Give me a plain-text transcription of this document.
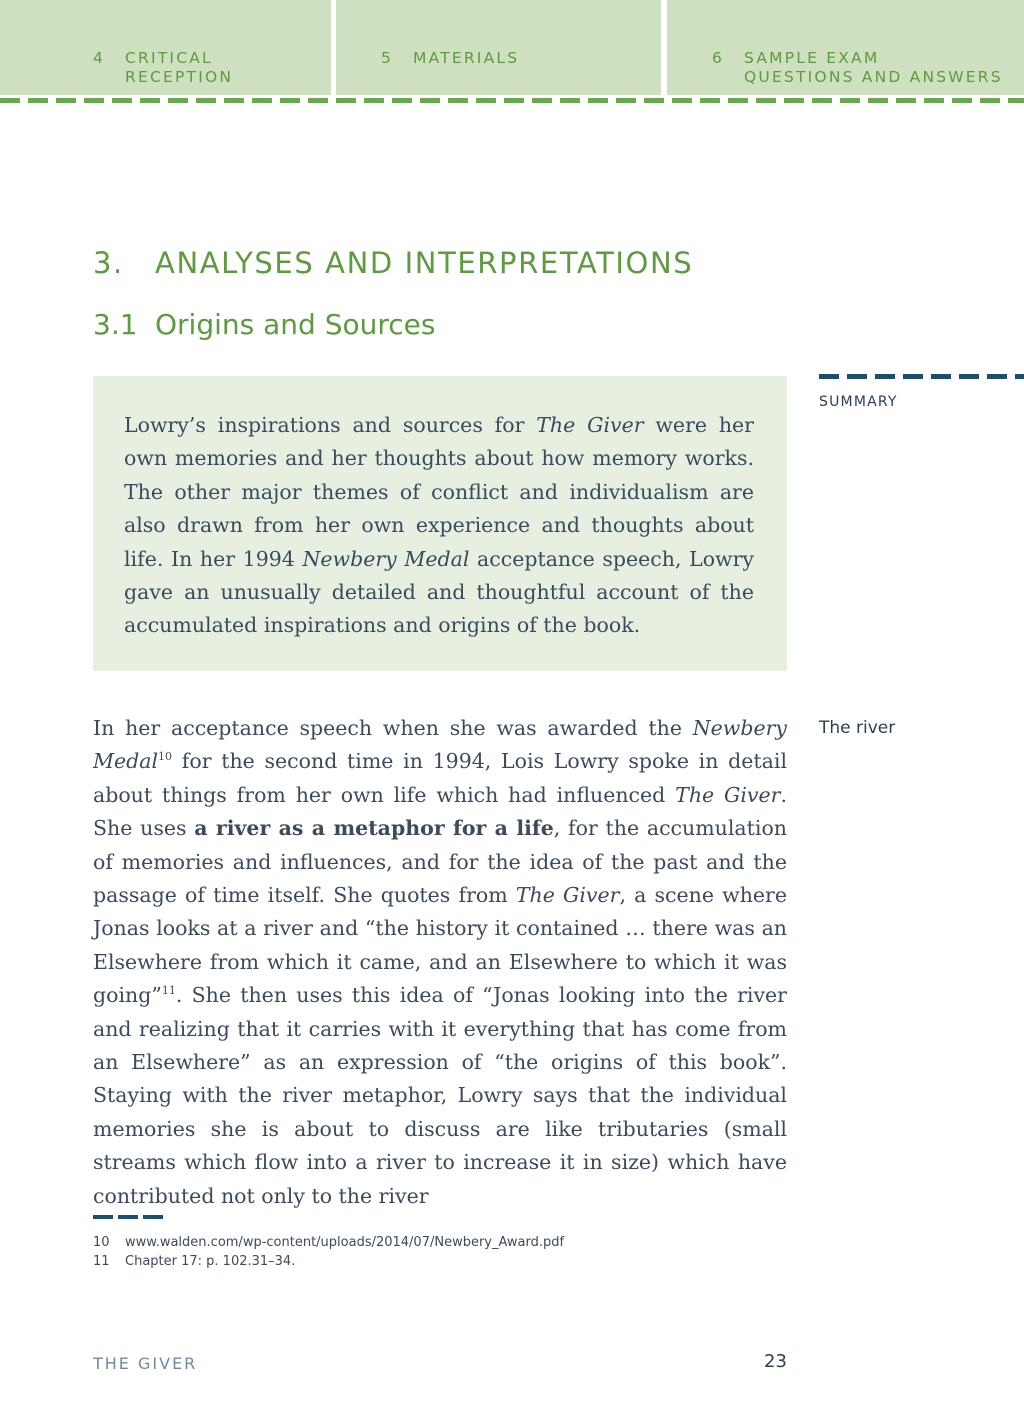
4 CRITICAL
RECEPTION
5 MATERIALS	6 SAMPLE EXAM
QUESTIONS AND ANSWERS
3. ANALYSES AND INTERPRETATIONS
3.1 Origins and Sources

Lowry’s inspirations and sources for The Giver were her own memories and her thoughts about how memory works. The other major themes of conflict and individualism are also drawn from her own experience and thoughts about life. In her 1994 Newbery Medal acceptance speech, Lowry gave an unusually detailed and thoughtful account of the accumulated inspirations and origins of the book.

SUMMARY
The river

In her acceptance speech when she was awarded the Newbery Medal$^{10}$ for the second time in 1994, Lois Lowry spoke in detail about things from her own life which had influenced The Giver. She uses a river as a metaphor for a life, for the accumulation of memories and influences, and for the idea of the past and the passage of time itself. She quotes from The Giver, a scene where Jonas looks at a river and “the history it contained … there was an Elsewhere from which it came, and an Elsewhere to which it was going”$^{11}$. She then uses this idea of “Jonas looking into the river and realizing that it carries with it everything that has come from an Elsewhere” as an expression of “the origins of this book”. Staying with the river metaphor, Lowry says that the individual memories she is about to discuss are like tributaries (small streams which flow into a river to increase it in size) which have contributed not only to the river

10 www.walden.com/wp-content/uploads/2014/07/Newbery_Award.pdf
11 Chapter 17: p. 102.31–34.
THE GIVER	23
